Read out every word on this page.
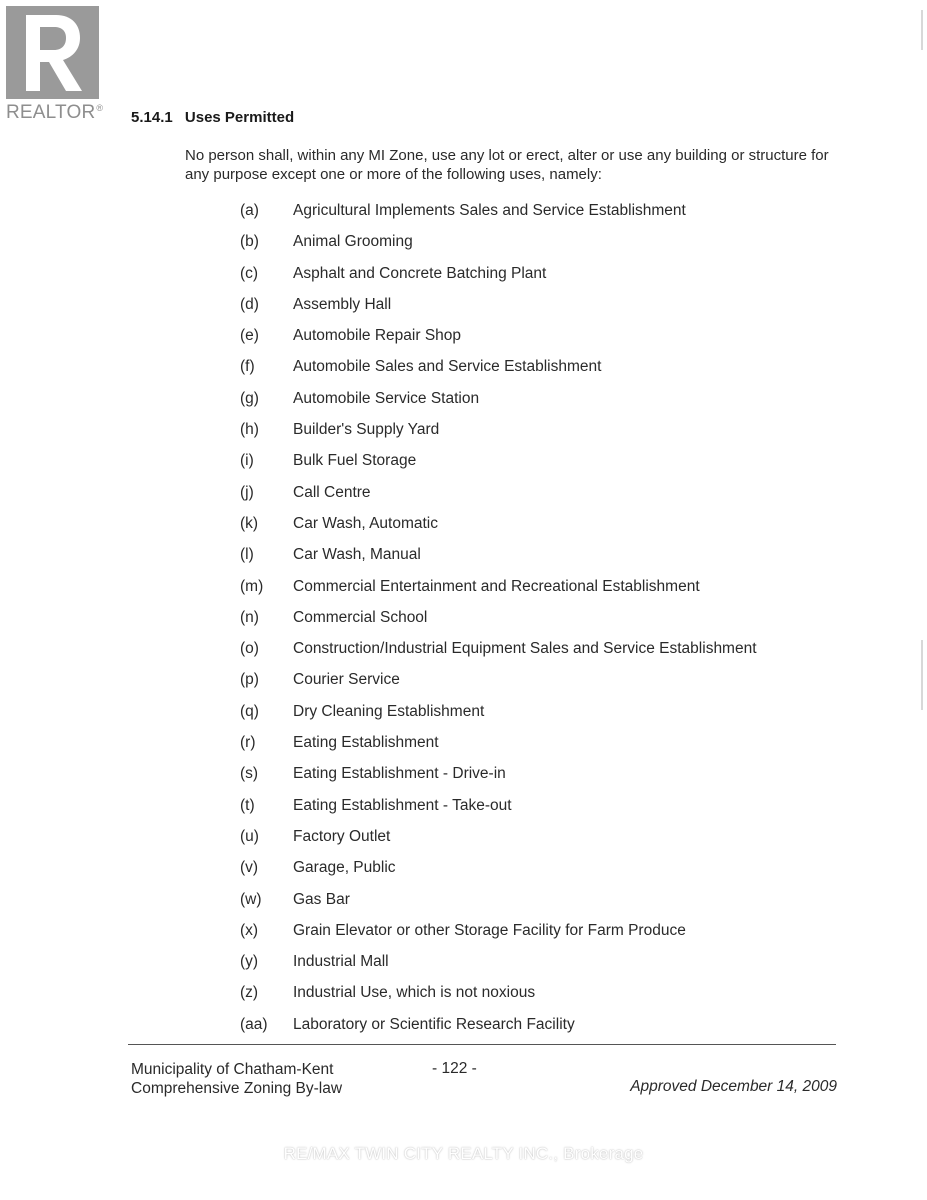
REALTOR®
5.14.1 Uses Permitted
No person shall, within any MI Zone, use any lot or erect, alter or use any building or structure for any purpose except one or more of the following uses, namely:
(a) Agricultural Implements Sales and Service Establishment
(b) Animal Grooming
(c) Asphalt and Concrete Batching Plant
(d) Assembly Hall
(e) Automobile Repair Shop
(f) Automobile Sales and Service Establishment
(g) Automobile Service Station
(h) Builder's Supply Yard
(i)	Bulk Fuel Storage
(j)	Call Centre
(k) Car Wash, Automatic
(l)	Car Wash, Manual
(m) Commercial Entertainment and Recreational Establishment
(n) Commercial School
(o) Construction/Industrial Equipment Sales and Service Establishment
(p) Courier Service
(q) Dry Cleaning Establishment
(r) Eating Establishment
(s) Eating Establishment - Drive-in
(t) Eating Establishment - Take-out
(u) Factory Outlet
(v) Garage, Public
(w) Gas Bar
(x) Grain Elevator or other Storage Facility for Farm Produce
(y) Industrial Mall
(z) Industrial Use, which is not noxious
(aa) Laboratory or Scientific Research Facility
Municipality of Chatham-Kent
Comprehensive Zoning By-law
- 122 -
Approved December 14, 2009
RE/MAX TWIN CITY REALTY INC., Brokerage
